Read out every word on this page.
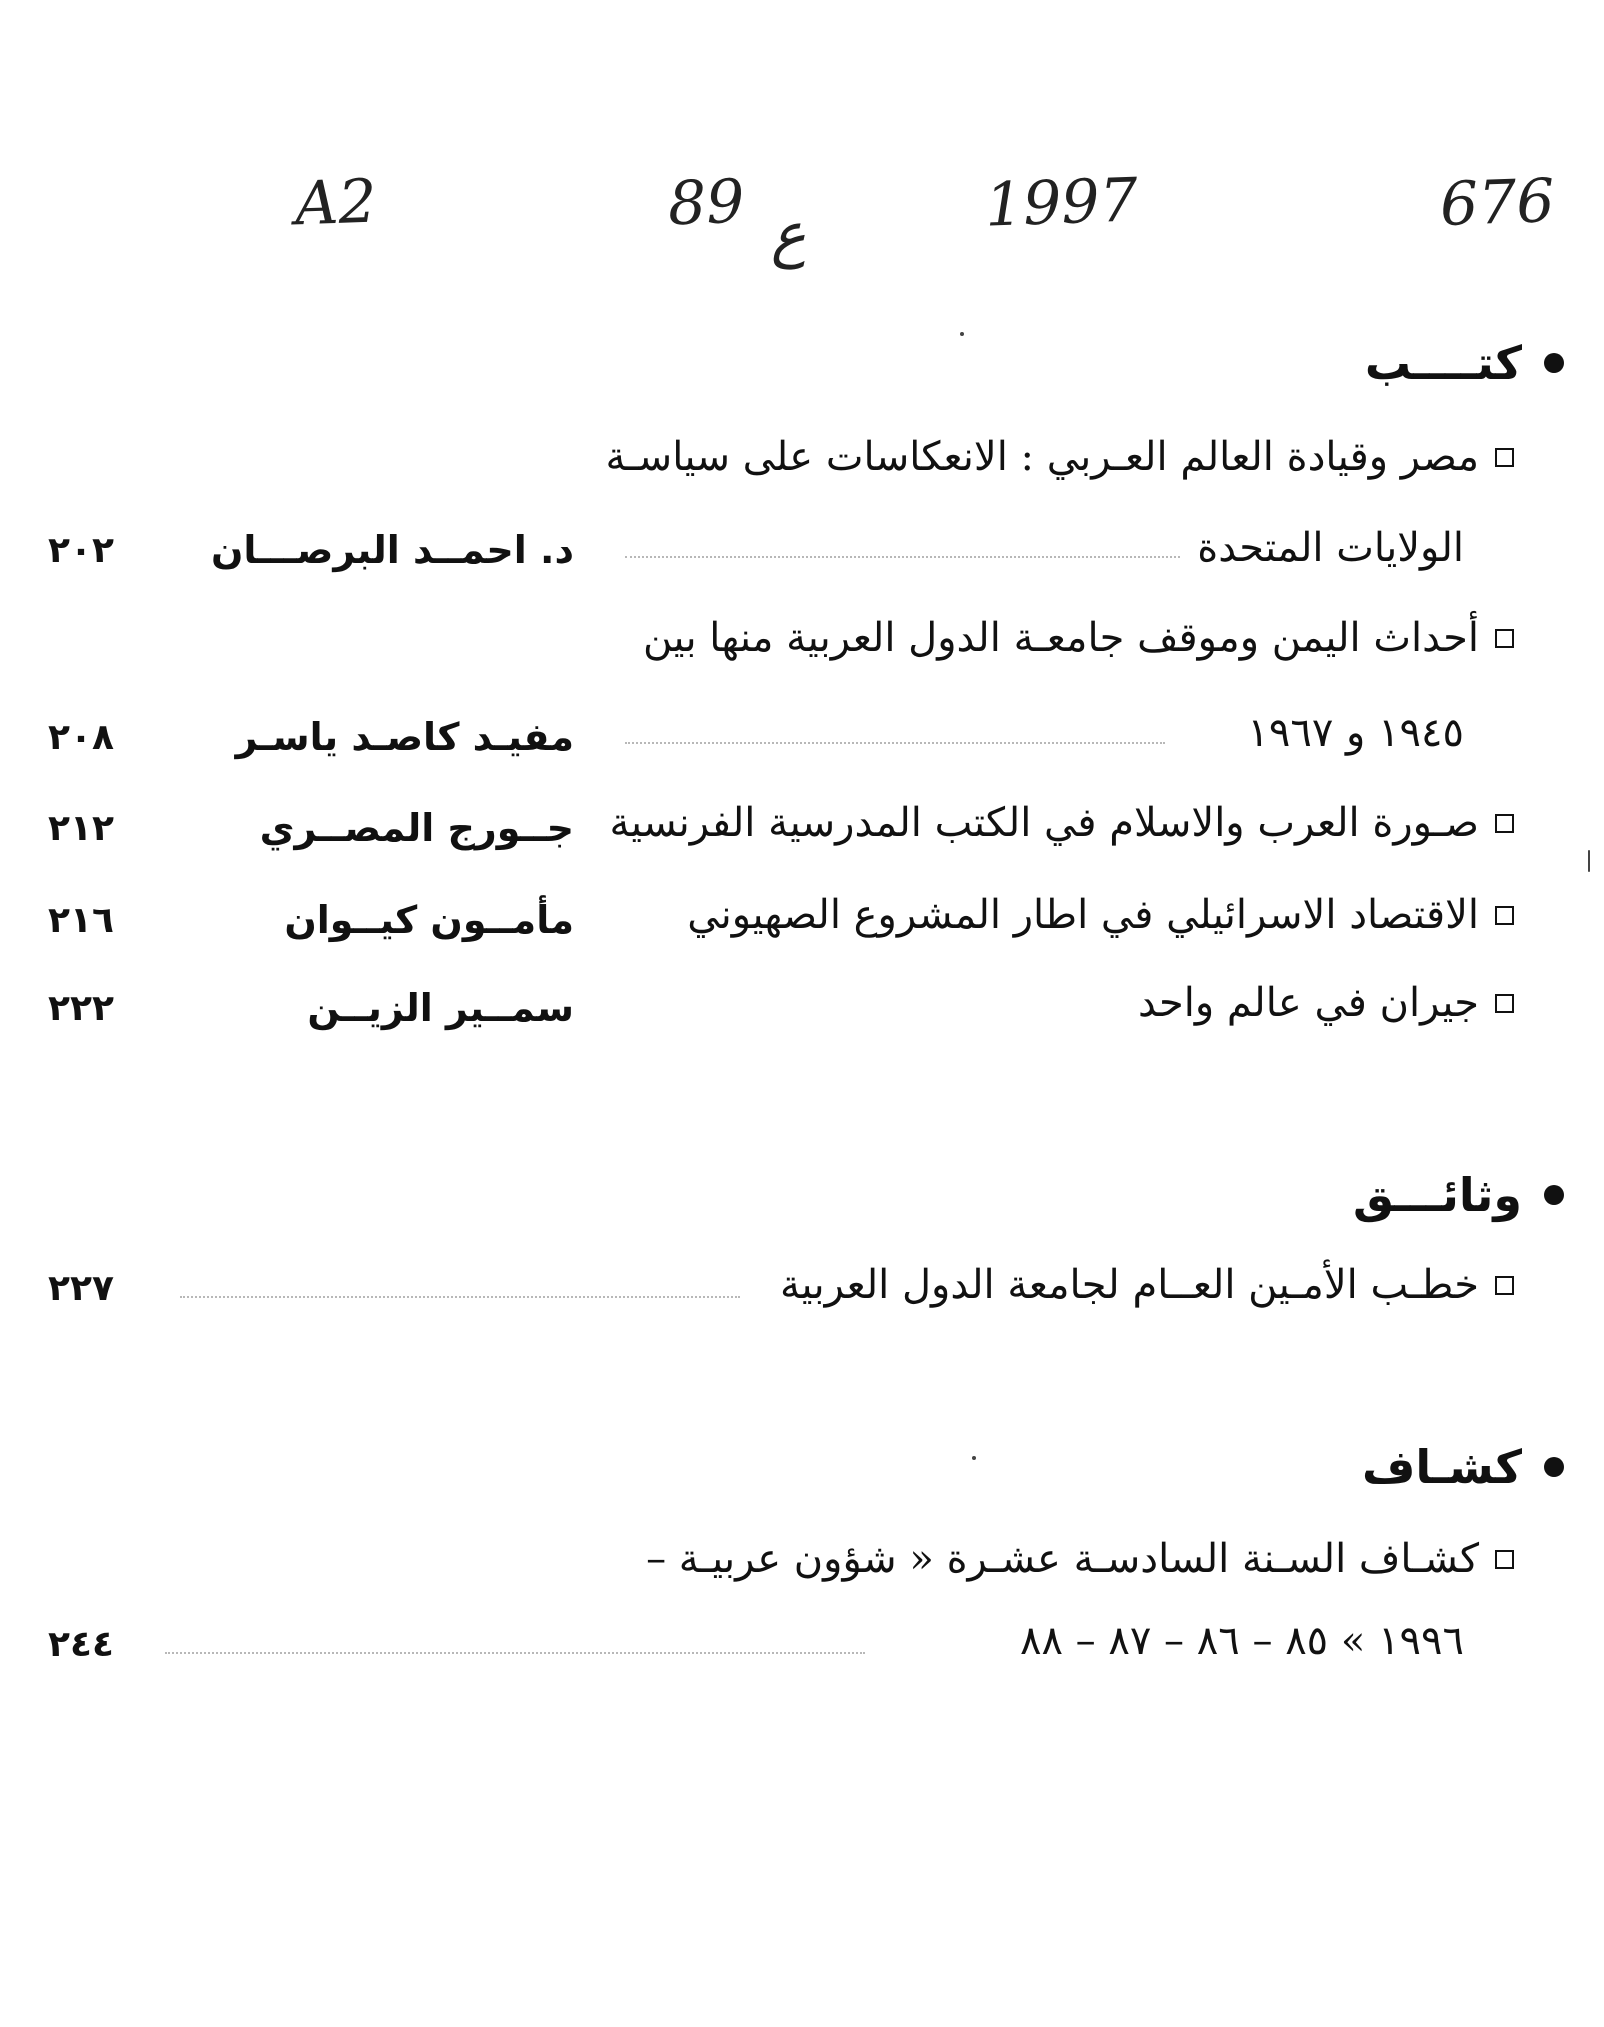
676
1997
ع
89
A2
كتــــب
مصر وقيادة العالم العـربي : الانعكاسات على سياسـة
الولايات المتحدة
د. احمــد البرصـــان
٢٠٢
أحداث اليمن وموقف جامعـة الدول العربية منها بين
١٩٤٥ و ١٩٦٧
مفيـد كاصـد ياسـر
٢٠٨
صـورة العرب والاسلام في الكتب المدرسية الفرنسية
جــورج المصــري
٢١٢
الاقتصاد الاسرائيلي في اطار المشروع الصهيوني
مأمــون كيــوان
٢١٦
جيران في عالم واحد
سمــير الزيــن
٢٢٢
وثائـــق
خطـب الأمـين العــام لجامعة الدول العربية
٢٢٧
كشـاف
كشـاف السـنة السادسـة عشـرة « شؤون عربيـة –
١٩٩٦ » ٨٥ – ٨٦ – ٨٧ – ٨٨
٢٤٤
